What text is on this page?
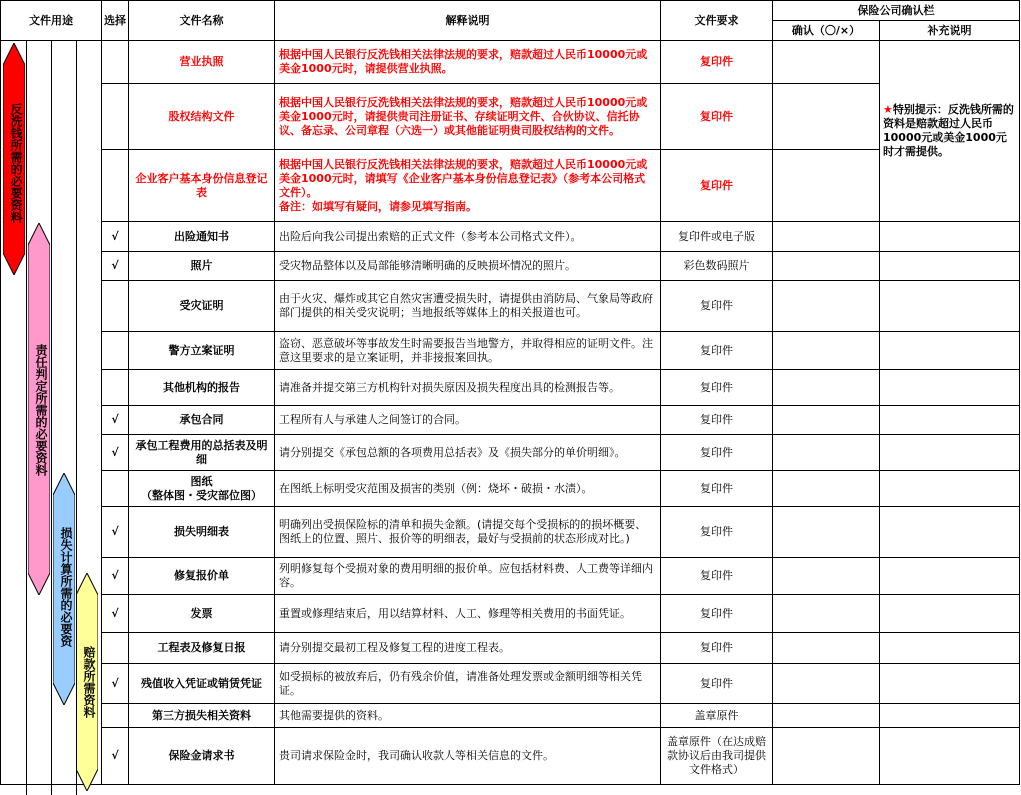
文件用途	选择	文件名称	解释说明	文件要求	保险公司确认栏	
					确认（〇/×）	补充说明
		营业执照	根据中国人民银行反洗钱相关法律法规的要求，赔款超过人民币10000元或美金1000元时，请提供营业执照。	复印件		★特别提示：反洗钱所需的资料是赔款超过人民币10000元或美金1000元时才需提供。
		股权结构文件	根据中国人民银行反洗钱相关法律法规的要求，赔款超过人民币10000元或美金1000元时，请提供贵司注册证书、存续证明文件、合伙协议、信托协议、备忘录、公司章程（六选一）或其他能证明贵司股权结构的文件。	复印件		
		企业客户基本身份信息登记表	根据中国人民银行反洗钱相关法律法规的要求，赔款超过人民币10000元或美金1000元时，请填写《企业客户基本身份信息登记表》（参考本公司格式文件）。
备注：如填写有疑问，请参见填写指南。	复印件		
	√	出险通知书	出险后向我公司提出索赔的正式文件（参考本公司格式文件）。	复印件或电子版		
	√	照片	受灾物品整体以及局部能够清晰明确的反映损坏情况的照片。	彩色数码照片		
		受灾证明	由于火灾、爆炸或其它自然灾害遭受损失时，请提供由消防局、气象局等政府部门提供的相关受灾说明；当地报纸等媒体上的相关报道也可。	复印件		
		警方立案证明	盗窃、恶意破坏等事故发生时需要报告当地警方，并取得相应的证明文件。注意这里要求的是立案证明，并非接报案回执。	复印件		
		其他机构的报告	请准备并提交第三方机构针对损失原因及损失程度出具的检测报告等。	复印件		
	√	承包合同	工程所有人与承建人之间签订的合同。	复印件		
	√	承包工程费用的总括表及明细	请分别提交《承包总额的各项费用总括表》及《损失部分的单价明细》。	复印件		
		图纸
（整体图・受灾部位图）	在图纸上标明受灾范围及损害的类别（例：烧坏・破损・水渍）。	复印件		
	√	损失明细表	明确列出受损保险标的清单和损失金额。(请提交每个受损标的的损坏概要、图纸上的位置、照片、报价等的明细表，最好与受损前的状态形成对比。)	复印件		
	√	修复报价单	列明修复每个受损对象的费用明细的报价单。应包括材料费、人工费等详细内容。	复印件		
	√	发票	重置或修理结束后，用以结算材料、人工、修理等相关费用的书面凭证。	复印件		
		工程表及修复日报	请分别提交最初工程及修复工程的进度工程表。	复印件		
	√	残值收入凭证或销赁凭证	如受损标的被放弃后，仍有残余价值，请准备处理发票或金额明细等相关凭证。	复印件		
		第三方损失相关资料	其他需要提供的资料。	盖章原件		
	√	保险金请求书	贵司请求保险金时，我司确认收款人等相关信息的文件。	盖章原件（在达成赔款协议后由我司提供文件格式）		
反洗钱所需的必要资料
责任判定所需的必要资料
损失计算所需的必要资
赔款所需资料
